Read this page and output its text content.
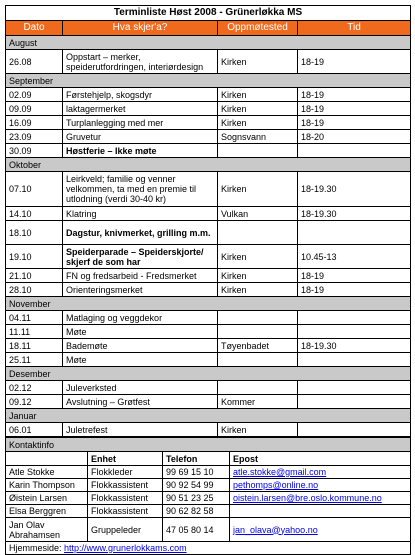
Terminliste Høst 2008 - Grünerløkka MS			
Dato	Hva skjer'a?	Oppmøtested	Tid
August			
26.08	Oppstart – merker, speiderutfordringen, interiørdesign	Kirken	18-19
September			
02.09	Førstehjelp, skogsdyr	Kirken	18-19
09.09	laktagermerket	Kirken	18-19
16.09	Turplanlegging med mer	Kirken	18-19
23.09	Gruvetur	Sognsvann	18-20
30.09	Høstferie – Ikke møte		
Oktober			
07.10	Leirkveld; familie og venner velkommen, ta med en premie til utlodning (verdi 30-40 kr)	Kirken	18-19.30
14.10	Klatring	Vulkan	18-19.30
18.10	Dagstur, knivmerket, grilling m.m.		
19.10	Speiderparade – Speiderskjorte/ skjerf de som har	Kirken	10.45-13
21.10	FN og fredsarbeid - Fredsmerket	Kirken	18-19
28.10	Orienteringsmerket	Kirken	18-19
November			
04.11	Matlaging og veggdekor		
11.11	Møte		
18.11	Bademøte	Tøyenbadet	18-19.30
25.11	Møte		
Desember			
02.12	Juleverksted		
09.12	Avslutning – Grøtfest	Kommer	
Januar			
06.01	Juletrefest	Kirken	
Kontaktinfo			
	Enhet	Telefon	Epost
Atle Stokke	Flokkleder	99 69 15 10	atle.stokke@gmail.com
Karin Thompson	Flokkassistent	90 92 54 99	pethomps@online.no
Øistein Larsen	Flokkassistent	90 51 23 25	oistein.larsen@bre.oslo.kommune.no
Elsa Berggren	Flokkassistent	90 62 82 58	
Jan Olav Abrahamsen	Gruppeleder	47 05 80 14	jan_olava@yahoo.no
Hjemmeside: http://www.grunerlokkams.com			
